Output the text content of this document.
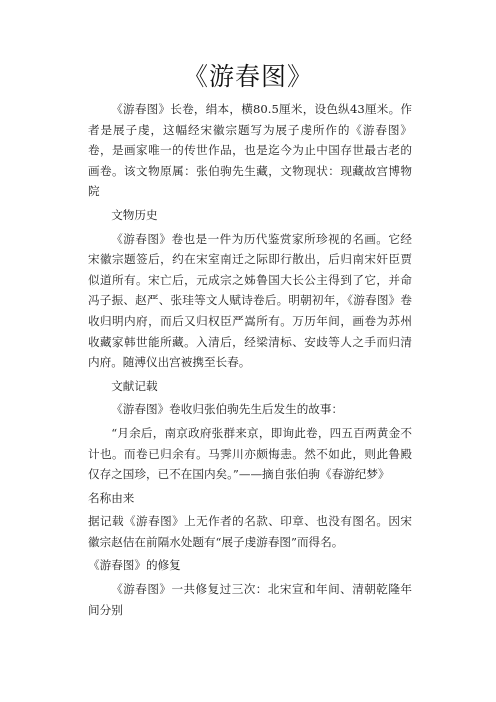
《游春图》

《游春图》长卷，绢本，横80.5厘米，设色纵43厘米。作者是展子虔，这幅经宋徽宗题写为展子虔所作的《游春图》卷，是画家唯一的传世作品，也是迄今为止中国存世最古老的画卷。该文物原属：张伯驹先生藏，文物现状：现藏故宫博物院

文物历史

《游春图》卷也是一件为历代鉴赏家所珍视的名画。它经宋徽宗题签后，约在宋室南迁之际即行散出，后归南宋奸臣贾似道所有。宋亡后，元成宗之姊鲁国大长公主得到了它，并命冯子振、赵严、张珪等文人赋诗卷后。明朝初年，《游春图》卷收归明内府，而后又归权臣严嵩所有。万历年间，画卷为苏州收藏家韩世能所藏。入清后，经梁清标、安歧等人之手而归清内府。随溥仪出宫被携至长春。

文献记载

《游春图》卷收归张伯驹先生后发生的故事：

“月余后，南京政府张群来京，即询此卷，四五百两黄金不计也。而卷已归余有。马霁川亦颇悔恚。然不如此，则此鲁殿仅存之国珍，已不在国内矣。”——摘自张伯驹《春游纪梦》

名称由来

据记载《游春图》上无作者的名款、印章、也没有图名。因宋徽宗赵佶在前隔水处题有“展子虔游春图”而得名。

《游春图》的修复

《游春图》一共修复过三次：北宋宣和年间、清朝乾隆年间分别
